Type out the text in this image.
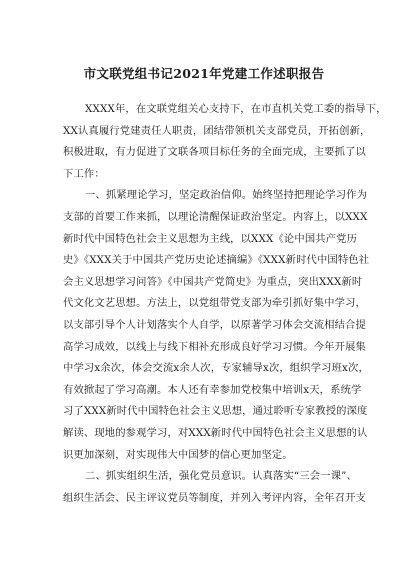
市文联党组书记2021年党建工作述职报告
XXXX年，在文联党组关心支持下，在市直机关党工委的指导下，
XX认真履行党建责任人职责，团结带领机关支部党员，开拓创新，
积极进取，有力促进了文联各项目标任务的全面完成，主要抓了以
下工作：
一、抓紧理论学习，坚定政治信仰。始终坚持把理论学习作为
支部的首要工作来抓，以理论清醒保证政治坚定。内容上，以XXX
新时代中国特色社会主义思想为主线，以XXX《论中国共产党历
史》《XXX关于中国共产党历史论述摘编》《XXX新时代中国特色社
会主义思想学习问答》《中国共产党简史》为重点，突出XXX新时
代文化文艺思想。方法上，以党组带党支部为牵引抓好集中学习，
以支部引导个人计划落实个人自学，以原著学习体会交流相结合提
高学习成效，以线上与线下相补充形成良好学习习惯。今年开展集
中学习x余次，体会交流x余人次，专家辅导x次，组织学习班x次，
有效掀起了学习高潮。本人还有幸参加党校集中培训x天，系统学
习了XXX新时代中国特色社会主义思想，通过聆听专家教授的深度
解读、现地的参观学习，对XXX新时代中国特色社会主义思想的认
识更加深刻，对实现伟大中国梦的信心更加坚定。
二、抓实组织生活，强化党员意识。认真落实“三会一课”、
组织生活会、民主评议党员等制度，并列入考评内容，全年召开支
